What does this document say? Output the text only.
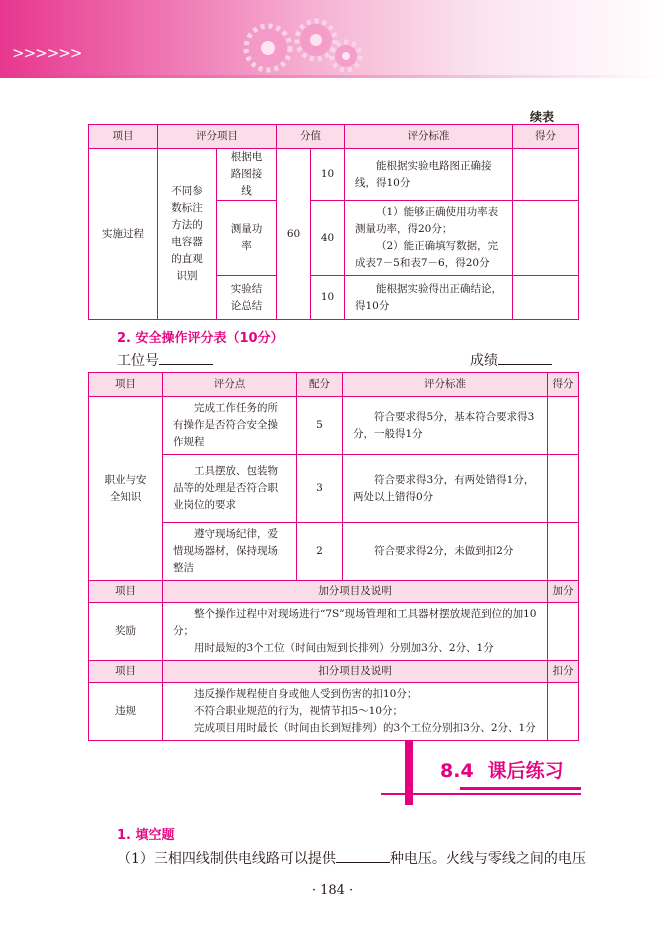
>>>>>>
续表
项目	评分项目		分值		评分标准	得分
实施过程	不同参数标注方法的电容器的直观识别	根据电路图接线	60	10	能根据实验电路图正确接线，得10分	
		测量功率		40	（1）能够正确使用功率表测量功率，得20分；

（2）能正确填写数据，完成表7－5和表7－6，得20分	

		实验结论总结		10	能根据实验得出正确结论，得10分	
2. 安全操作评分表（10分）
工位号	成绩
项目	评分点	配分	评分标准	得分
职业与安全知识	完成工作任务的所有操作是否符合安全操作规程	5	符合要求得5分，基本符合要求得3分，一般得1分	
	工具摆放、包装物品等的处理是否符合职业岗位的要求	3	符合要求得3分，有两处错得1分，两处以上错得0分	
	遵守现场纪律，爱惜现场器材，保持现场整洁	2	符合要求得2分，未做到扣2分	
项目	加分项目及说明			加分
奖励	整个操作过程中对现场进行“7S”现场管理和工具器材摆放规范到位的加10分；

用时最短的3个工位（时间由短到长排列）分别加3分、2分、1分			

项目	扣分项目及说明			扣分
违规	违反操作规程使自身或他人受到伤害的扣10分；

不符合职业规范的行为，视情节扣5～10分；

完成项目用时最长（时间由长到短排列）的3个工位分别扣3分、2分、1分			

8.4 课后练习
1. 填空题
（1）三相四线制供电线路可以提供	种电压。火线与零线之间的电压
· 184 ·
